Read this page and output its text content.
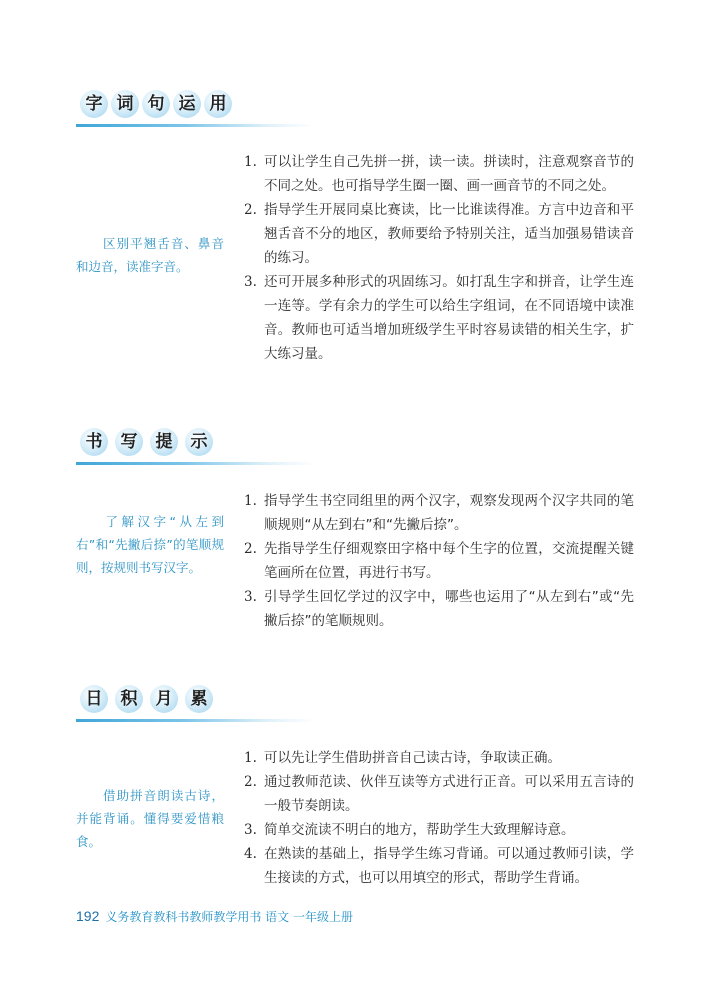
字 词 句 运 用
区别平翘舌音、鼻音和边音，读准字音。
1. 可以让学生自己先拼一拼，读一读。拼读时，注意观察音节的不同之处。也可指导学生圈一圈、画一画音节的不同之处。
2. 指导学生开展同桌比赛读，比一比谁读得准。方言中边音和平翘舌音不分的地区，教师要给予特别关注，适当加强易错读音的练习。
3. 还可开展多种形式的巩固练习。如打乱生字和拼音，让学生连一连等。学有余力的学生可以给生字组词，在不同语境中读准音。教师也可适当增加班级学生平时容易读错的相关生字，扩大练习量。
书	写	提	示
了解汉字“从左到右”和“先撇后捺”的笔顺规则，按规则书写汉字。
1. 指导学生书空同组里的两个汉字，观察发现两个汉字共同的笔顺规则“从左到右”和“先撇后捺”。
2. 先指导学生仔细观察田字格中每个生字的位置，交流提醒关键笔画所在位置，再进行书写。
3. 引导学生回忆学过的汉字中，哪些也运用了“从左到右”或“先撇后捺”的笔顺规则。
日	积	月	累
借助拼音朗读古诗，并能背诵。懂得要爱惜粮食。
1. 可以先让学生借助拼音自己读古诗，争取读正确。
2. 通过教师范读、伙伴互读等方式进行正音。可以采用五言诗的一般节奏朗读。
3. 简单交流读不明白的地方，帮助学生大致理解诗意。
4. 在熟读的基础上，指导学生练习背诵。可以通过教师引读，学生接读的方式，也可以用填空的形式，帮助学生背诵。
192 义务教育教科书教师教学用书 语文 一年级上册
